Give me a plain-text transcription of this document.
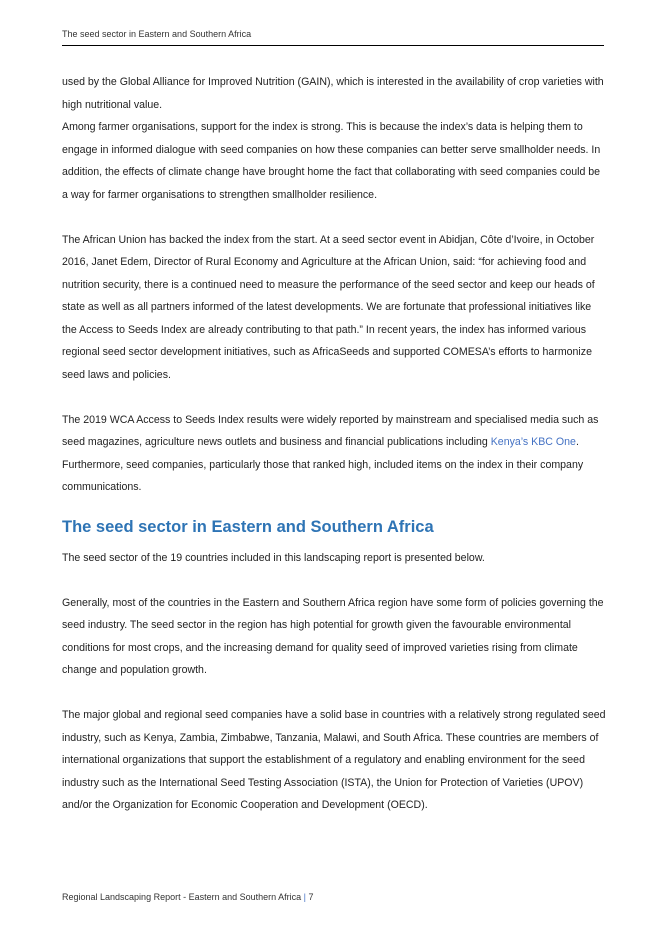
The seed sector in Eastern and Southern Africa

used by the Global Alliance for Improved Nutrition (GAIN), which is interested in the availability of crop varieties with high nutritional value.

Among farmer organisations, support for the index is strong. This is because the index’s data is helping them to engage in informed dialogue with seed companies on how these companies can better serve smallholder needs. In addition, the effects of climate change have brought home the fact that collaborating with seed companies could be a way for farmer organisations to strengthen smallholder resilience.

The African Union has backed the index from the start. At a seed sector event in Abidjan, Côte d’Ivoire, in October 2016, Janet Edem, Director of Rural Economy and Agriculture at the African Union, said: “for achieving food and nutrition security, there is a continued need to measure the performance of the seed sector and keep our heads of state as well as all partners informed of the latest developments. We are fortunate that professional initiatives like the Access to Seeds Index are already contributing to that path.” In recent years, the index has informed various regional seed sector development initiatives, such as AfricaSeeds and supported COMESA’s efforts to harmonize seed laws and policies.

The 2019 WCA Access to Seeds Index results were widely reported by mainstream and specialised media such as seed magazines, agriculture news outlets and business and financial publications including Kenya’s KBC One. Furthermore, seed companies, particularly those that ranked high, included items on the index in their company communications.

The seed sector in Eastern and Southern Africa

The seed sector of the 19 countries included in this landscaping report is presented below.

Generally, most of the countries in the Eastern and Southern Africa region have some form of policies governing the seed industry. The seed sector in the region has high potential for growth given the favourable environmental conditions for most crops, and the increasing demand for quality seed of improved varieties rising from climate change and population growth.

The major global and regional seed companies have a solid base in countries with a relatively strong regulated seed industry, such as Kenya, Zambia, Zimbabwe, Tanzania, Malawi, and South Africa. These countries are members of international organizations that support the establishment of a regulatory and enabling environment for the seed industry such as the International Seed Testing Association (ISTA), the Union for Protection of Varieties (UPOV) and/or the Organization for Economic Cooperation and Development (OECD).

Regional Landscaping Report - Eastern and Southern Africa | 7
